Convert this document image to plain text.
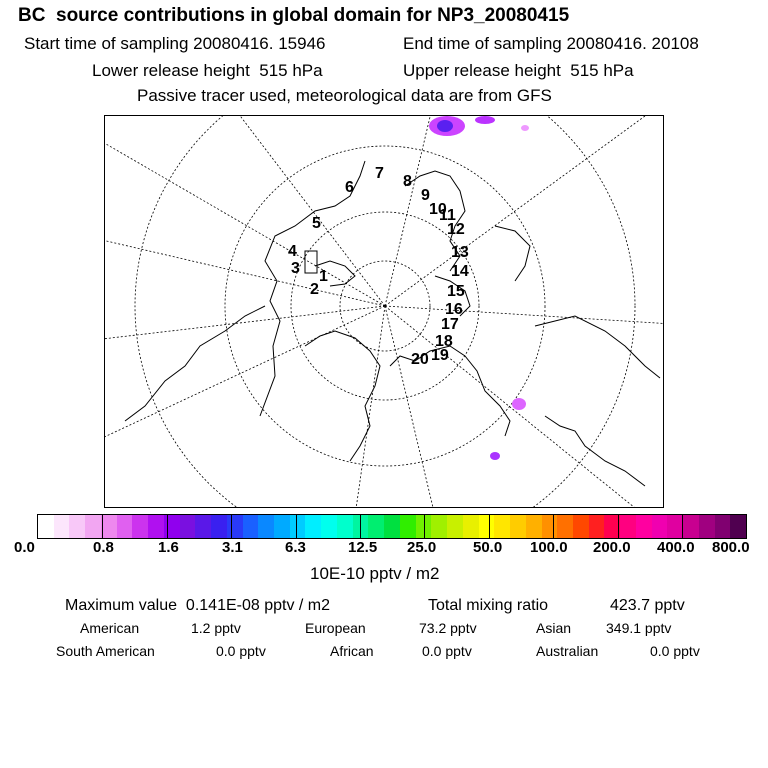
BC  source contributions in global domain for NP3_20080415
Start time of sampling 20080416. 15946	End time of sampling 20080416. 20108
Lower release height  515 hPa	Upper release height  515 hPa
Passive tracer used, meteorological data are from GFS
1
2
3
4
5
6
7 8
9
10
11
12
13
14
15
16
17
18
19
20
0.0	0.8	1.6	3.1	6.3	12.5 25.0 50.0 100.0 200.0 400.0 800.0
10E-10 pptv / m2
Maximum value  0.141E-08 pptv / m2	Total mixing ratio	423.7 pptv
American	1.2 pptv	European	73.2 pptv	Asian 349.1 pptv
South American	0.0 pptv	African	0.0 pptv	Australian	0.0 pptv
